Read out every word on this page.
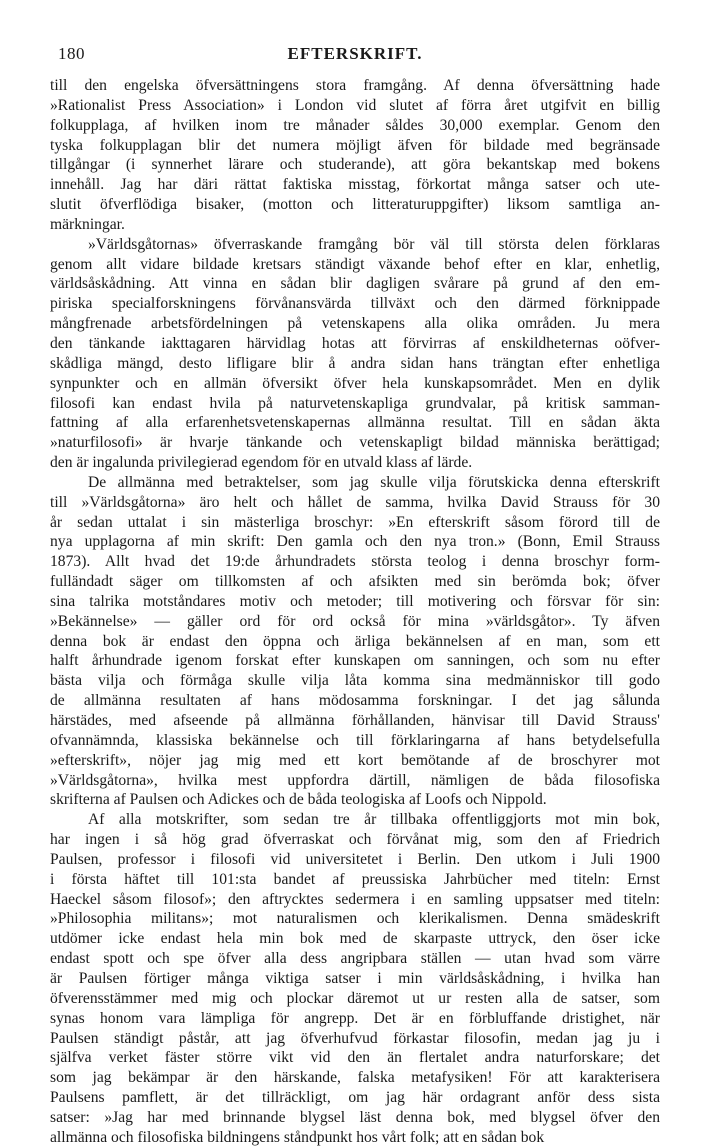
180	EFTERSKRIFT.
till den engelska öfversättningens stora framgång. Af denna öfversättning hade
»Rationalist Press Association» i London vid slutet af förra året utgifvit en billig
folkupplaga, af hvilken inom tre månader såldes 30,000 exemplar. Genom den
tyska folkupplagan blir det numera möjligt äfven för bildade med begränsade
tillgångar (i synnerhet lärare och studerande), att göra bekantskap med bokens
innehåll. Jag har däri rättat faktiska misstag, förkortat många satser och ute-
slutit öfverflödiga bisaker, (motton och litteraturuppgifter) liksom samtliga an-
märkningar.
»Världsgåtornas» öfverraskande framgång bör väl till största delen förklaras
genom allt vidare bildade kretsars ständigt växande behof efter en klar, enhetlig,
världsåskådning. Att vinna en sådan blir dagligen svårare på grund af den em-
piriska specialforskningens förvånansvärda tillväxt och den därmed förknippade
mångfrenade arbetsfördelningen på vetenskapens alla olika områden. Ju mera
den tänkande iakttagaren härvidlag hotas att förvirras af enskildheternas oöfver-
skådliga mängd, desto lifligare blir å andra sidan hans trängtan efter enhetliga
synpunkter och en allmän öfversikt öfver hela kunskapsområdet. Men en dylik
filosofi kan endast hvila på naturvetenskapliga grundvalar, på kritisk samman-
fattning af alla erfarenhetsvetenskapernas allmänna resultat. Till en sådan äkta
»naturfilosofi» är hvarje tänkande och vetenskapligt bildad människa berättigad;
den är ingalunda privilegierad egendom för en utvald klass af lärde.
De allmänna med betraktelser, som jag skulle vilja förutskicka denna efterskrift
till »Världsgåtorna» äro helt och hållet de samma, hvilka David Strauss för 30
år sedan uttalat i sin mästerliga broschyr: »En efterskrift såsom förord till de
nya upplagorna af min skrift: Den gamla och den nya tron.» (Bonn, Emil Strauss
1873). Allt hvad det 19:de århundradets största teolog i denna broschyr form-
fulländadt säger om tillkomsten af och afsikten med sin berömda bok; öfver
sina talrika motståndares motiv och metoder; till motivering och försvar för sin:
»Bekännelse» — gäller ord för ord också för mina »världsgåtor». Ty äfven
denna bok är endast den öppna och ärliga bekännelsen af en man, som ett
halft århundrade igenom forskat efter kunskapen om sanningen, och som nu efter
bästa vilja och förmåga skulle vilja låta komma sina medmänniskor till godo
de allmänna resultaten af hans mödosamma forskningar. I det jag sålunda
härstädes, med afseende på allmänna förhållanden, hänvisar till David Strauss'
ofvannämnda, klassiska bekännelse och till förklaringarna af hans betydelsefulla
»efterskrift», nöjer jag mig med ett kort bemötande af de broschyrer mot
»Världsgåtorna», hvilka mest uppfordra därtill, nämligen de båda filosofiska
skrifterna af Paulsen och Adickes och de båda teologiska af Loofs och Nippold.
Af alla motskrifter, som sedan tre år tillbaka offentliggjorts mot min bok,
har ingen i så hög grad öfverraskat och förvånat mig, som den af Friedrich
Paulsen, professor i filosofi vid universitetet i Berlin. Den utkom i Juli 1900
i första häftet till 101:sta bandet af preussiska Jahrbücher med titeln: Ernst
Haeckel såsom filosof»; den aftrycktes sedermera i en samling uppsatser med titeln:
»Philosophia militans»; mot naturalismen och klerikalismen. Denna smädeskrift
utdömer icke endast hela min bok med de skarpaste uttryck, den öser icke
endast spott och spe öfver alla dess angripbara ställen — utan hvad som värre
är Paulsen förtiger många viktiga satser i min världsåskådning, i hvilka han
öfverensstämmer med mig och plockar däremot ut ur resten alla de satser, som
synas honom vara lämpliga för angrepp. Det är en förbluffande dristighet, när
Paulsen ständigt påstår, att jag öfverhufvud förkastar filosofin, medan jag ju i
själfva verket fäster större vikt vid den än flertalet andra naturforskare; det
som jag bekämpar är den härskande, falska metafysiken! För att karakterisera
Paulsens pamflett, är det tillräckligt, om jag här ordagrant anför dess sista
satser: »Jag har med brinnande blygsel läst denna bok, med blygsel öfver den
allmänna och filosofiska bildningens ståndpunkt hos vårt folk; att en sådan bok
